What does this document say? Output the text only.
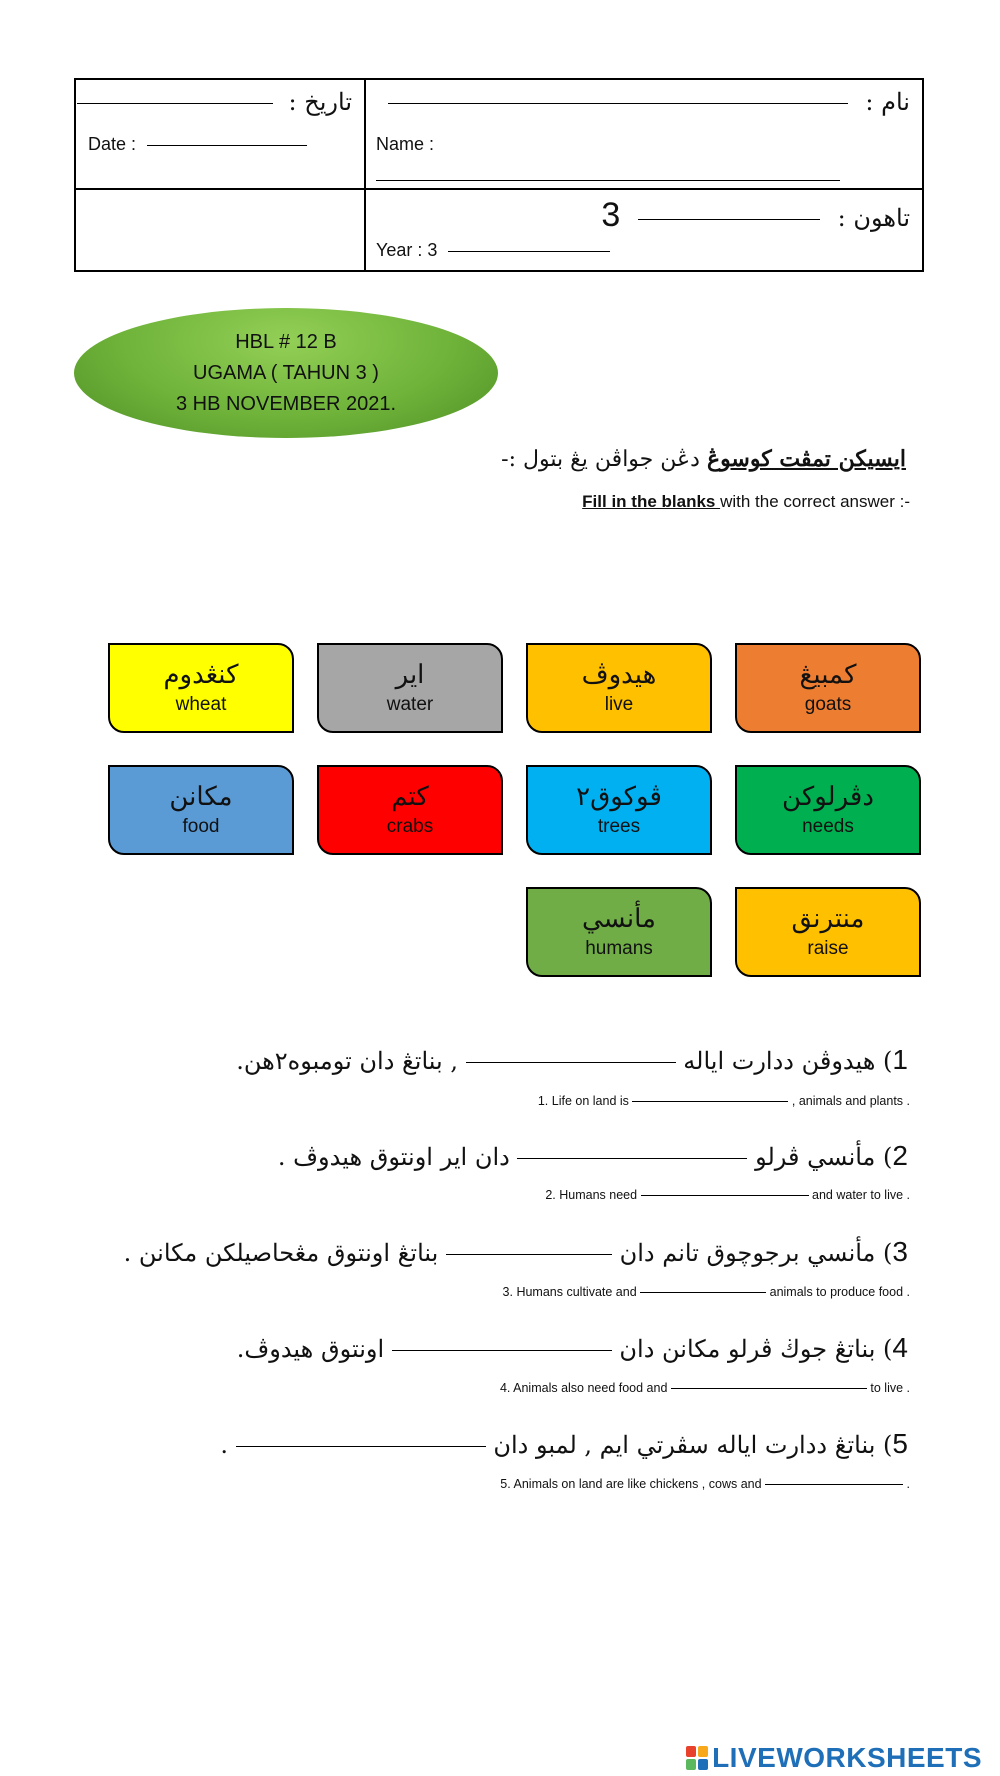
تاريخ :
Date :
نام :
Name :
تاهون :  3
Year : 3
HBL # 12 B
UGAMA ( TAHUN 3 )
3 HB NOVEMBER 2021.
ايسيكن تمڤت كوسوڠ دڠن جواڤن يڠ بتول :-
Fill in the blanks with the correct answer :-
كنڠدوم
wheat
اير
water
هيدوڤ
live
کمبيڠ
goats
مکانن
food
کتم
crabs
ڤوکوق٢
trees
دڤرلوکن
needs
مأنسي
humans
منترنق
raise
1) هيدوڤن ددارت اياله  , بناتڠ دان تومبوه٢هن.
1. Life on land is	, animals and plants .
2) مأنسي ڤرلو  دان اير اونتوق هيدوڤ .
2. Humans need	and water to live .
3) مأنسي برجوچوق تانم دان  بناتڠ اونتوق مڠحاصيلکن مکانن .
3. Humans cultivate and	animals to produce food .
4) بناتڠ جوڬ ڤرلو مکانن دان  اونتوق هيدوڤ.
4. Animals also need food and	to live .
5) بناتڠ ددارت اياله سڤرتي ايم , لمبو دان  .
5. Animals on land are like chickens , cows and	.
LIVEWORKSHEETS
